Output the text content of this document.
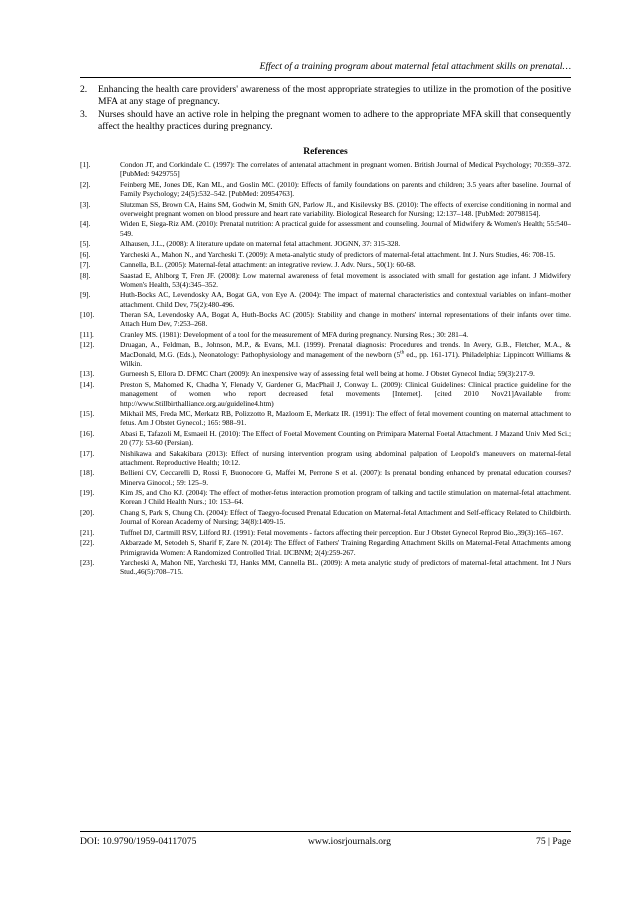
Effect of a training program about maternal fetal attachment skills on prenatal…
2. Enhancing the health care providers' awareness of the most appropriate strategies to utilize in the promotion of the positive MFA at any stage of pregnancy.
3. Nurses should have an active role in helping the pregnant women to adhere to the appropriate MFA skill that consequently affect the healthy practices during pregnancy.
References
[1].	Condon JT, and Corkindale C. (1997): The correlates of antenatal attachment in pregnant women. British Journal of Medical Psychology; 70:359–372. [PubMed: 9429755]
[2].	Feinberg ME, Jones DE, Kan ML, and Goslin MC. (2010): Effects of family foundations on parents and children; 3.5 years after baseline. Journal of Family Psychology; 24(5):532–542. [PubMed: 20954763].
[3].	Slutzman SS, Brown CA, Hains SM, Godwin M, Smith GN, Parlow JL, and Kisilevsky BS. (2010): The effects of exercise conditioning in normal and overweight pregnant women on blood pressure and heart rate variability. Biological Research for Nursing; 12:137–148. [PubMed: 20798154].
[4].	Widen E, Siega-Riz AM. (2010): Prenatal nutrition: A practical guide for assessment and counseling. Journal of Midwifery & Women's Health; 55:540–549.
[5].	Alhausen, J.L., (2008): A literature update on maternal fetal attachment. JOGNN, 37: 315-328.
[6].	Yarcheski A., Mahon N., and Yarcheski T. (2009): A meta-analytic study of predictors of maternal-fetal attachment. Int J. Nurs Studies, 46: 708-15.
[7].	Cannella, B.L. (2005): Maternal-fetal attachment: an integrative review. J. Adv. Nurs., 50(1): 60-68.
[8].	Saastad E, Ahlborg T, Fren JF. (2008): Low maternal awareness of fetal movement is associated with small for gestation age infant. J Midwifery Women's Health, 53(4):345–352.
[9].	Huth-Bocks AC, Levendosky AA, Bogat GA, von Eye A. (2004): The impact of maternal characteristics and contextual variables on infant–mother attachment. Child Dev, 75(2):480-496.
[10].	Theran SA, Levendosky AA, Bogat A, Huth-Bocks AC (2005): Stability and change in mothers' internal representations of their infants over time. Attach Hum Dev, 7:253–268.
[11].	Cranley MS. (1981): Development of a tool for the measurement of MFA during pregnancy. Nursing Res.; 30: 281–4.
[12].	Druagan, A., Feldman, B., Johnson, M.P., & Evans, M.I. (1999). Prenatal diagnosis: Procedures and trends. In Avery, G.B., Fletcher, M.A., & MacDonald, M.G. (Eds.), Neonatology: Pathophysiology and management of the newborn (5th ed., pp. 161-171). Philadelphia: Lippincott Williams & Wilkin.
[13].	Gurneesh S, Ellora D. DFMC Chart (2009): An inexpensive way of assessing fetal well being at home. J Obstet Gynecol India; 59(3):217-9.
[14].	Preston S, Mahomed K, Chadha Y, Flenady V, Gardener G, MacPhail J, Conway L. (2009): Clinical Guidelines: Clinical practice guideline for the management of women who report decreased fetal movements [Internet]. [cited 2010 Nov21]Available from: http://www.Stillbirthalliance.org.au/guideline4.htm)
[15].	Mikhail MS, Freda MC, Merkatz RB, Polizzotto R, Mazloom E, Merkatz IR. (1991): The effect of fetal movement counting on maternal attachment to fetus. Am J Obstet Gynecol.; 165: 988–91.
[16].	Abasi E, Tafazoli M, Esmaeil H. (2010): The Effect of Foetal Movement Counting on Primipara Maternal Foetal Attachment. J Mazand Univ Med Sci.; 20 (77): 53-60 (Persian).
[17].	Nishikawa and Sakakibara (2013): Effect of nursing intervention program using abdominal palpation of Leopold's maneuvers on maternal-fetal attachment. Reproductive Health; 10:12.
[18].	Bellieni CV, Ceccarelli D, Rossi F, Buonocore G, Maffei M, Perrone S et al. (2007): Is prenatal bonding enhanced by prenatal education courses? Minerva Ginocol.; 59: 125–9.
[19].	Kim JS, and Cho KJ. (2004): The effect of mother-fetus interaction promotion program of talking and tactile stimulation on maternal-fetal attachment. Korean J Child Health Nurs.; 10: 153–64.
[20].	Chang S, Park S, Chung Ch. (2004): Effect of Taegyo-focused Prenatal Education on Maternal-fetal Attachment and Self-efficacy Related to Childbirth. Journal of Korean Academy of Nursing; 34(8):1409-15.
[21].	Tuffnel DJ, Cartmill RSV, Lilford RJ. (1991): Fetal movements - factors affecting their perception. Eur J Obstet Gynecol Reprod Bio.,39(3):165–167.
[22].	Akbarzade M, Setodeh S, Sharif F, Zare N. (2014): The Effect of Fathers' Training Regarding Attachment Skills on Maternal-Fetal Attachments among Primigravida Women: A Randomized Controlled Trial. IJCBNM; 2(4):259-267.
[23].	Yarcheski A, Mahon NE, Yarcheski TJ, Hanks MM, Cannella BL. (2009): A meta analytic study of predictors of maternal-fetal attachment. Int J Nurs Stud.,46(5):708–715.
DOI: 10.9790/1959-04117075	www.iosrjournals.org	75 | Page
